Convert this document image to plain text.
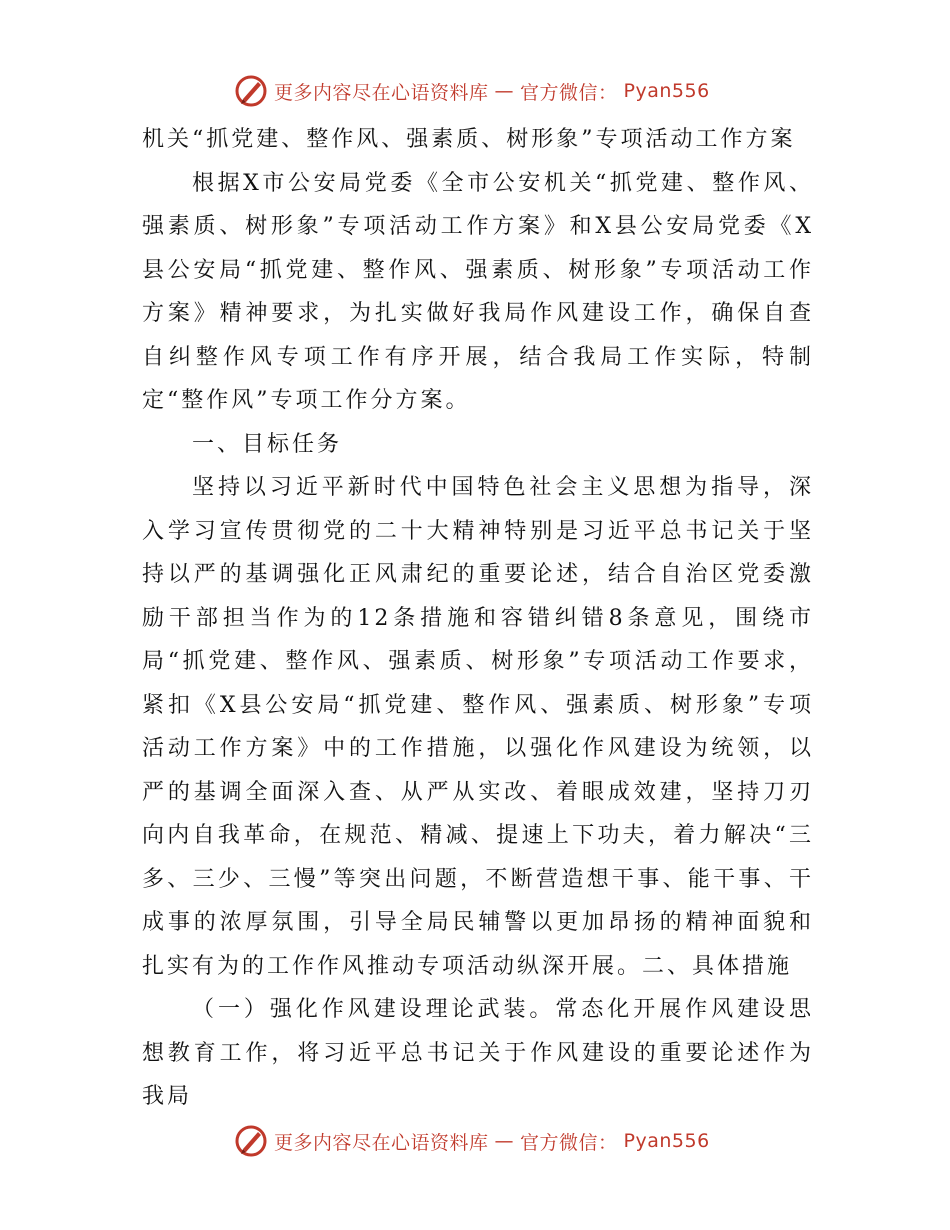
更多内容尽在心语资料库 — 官方微信： Pyan556

机关“抓党建、整作风、强素质、树形象”专项活动工作方案

根据X市公安局党委《全市公安机关“抓党建、整作风、强素质、树形象”专项活动工作方案》和X县公安局党委《X县公安局“抓党建、整作风、强素质、树形象”专项活动工作方案》精神要求，为扎实做好我局作风建设工作，确保自查自纠整作风专项工作有序开展，结合我局工作实际，特制定“整作风”专项工作分方案。

一、目标任务

坚持以习近平新时代中国特色社会主义思想为指导，深入学习宣传贯彻党的二十大精神特别是习近平总书记关于坚持以严的基调强化正风肃纪的重要论述，结合自治区党委激励干部担当作为的12条措施和容错纠错8条意见，围绕市局“抓党建、整作风、强素质、树形象”专项活动工作要求，紧扣《X县公安局“抓党建、整作风、强素质、树形象”专项活动工作方案》中的工作措施，以强化作风建设为统领，以严的基调全面深入查、从严从实改、着眼成效建，坚持刀刃向内自我革命，在规范、精减、提速上下功夫，着力解决“三多、三少、三慢”等突出问题，不断营造想干事、能干事、干成事的浓厚氛围，引导全局民辅警以更加昂扬的精神面貌和扎实有为的工作作风推动专项活动纵深开展。二、具体措施

（一）强化作风建设理论武装。常态化开展作风建设思想教育工作，将习近平总书记关于作风建设的重要论述作为我局

更多内容尽在心语资料库 — 官方微信： Pyan556
